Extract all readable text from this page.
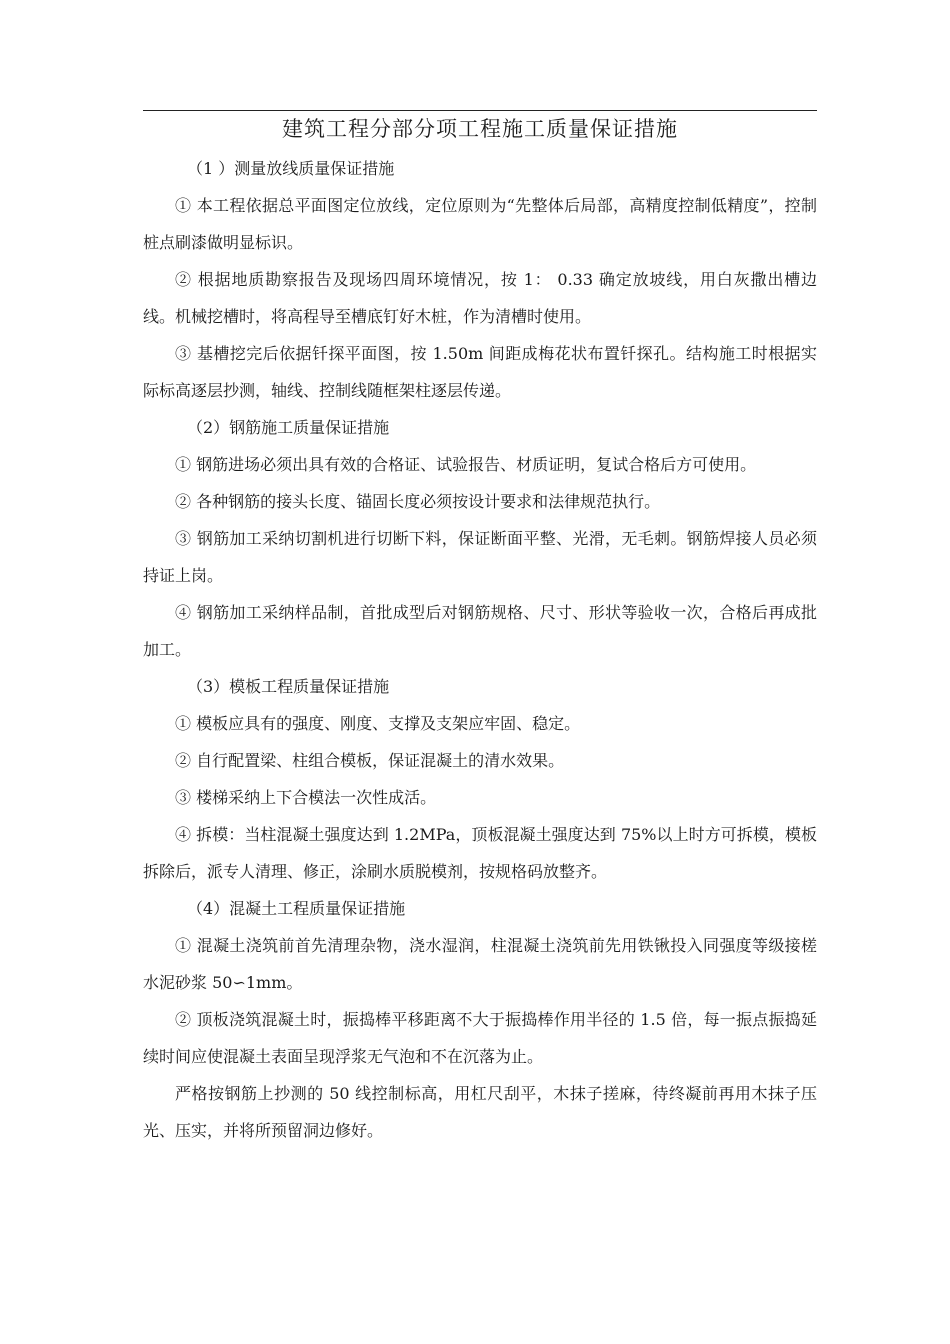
建筑工程分部分项工程施工质量保证措施

（1 ）测量放线质量保证措施

① 本工程依据总平面图定位放线，定位原则为“先整体后局部，高精度控制低精度”，控制桩点刷漆做明显标识。

② 根据地质勘察报告及现场四周环境情况，按 1： 0.33 确定放坡线，用白灰撒出槽边线。机械挖槽时，将高程导至槽底钉好木桩，作为清槽时使用。

③ 基槽挖完后依据钎探平面图，按 1.50m 间距成梅花状布置钎探孔。结构施工时根据实际标高逐层抄测，轴线、控制线随框架柱逐层传递。

（2）钢筋施工质量保证措施

① 钢筋进场必须出具有效的合格证、试验报告、材质证明，复试合格后方可使用。

② 各种钢筋的接头长度、锚固长度必须按设计要求和法律规范执行。

③ 钢筋加工采纳切割机进行切断下料，保证断面平整、光滑，无毛刺。钢筋焊接人员必须持证上岗。

④ 钢筋加工采纳样品制，首批成型后对钢筋规格、尺寸、形状等验收一次，合格后再成批加工。

（3）模板工程质量保证措施

① 模板应具有的强度、刚度、支撑及支架应牢固、稳定。

② 自行配置梁、柱组合模板，保证混凝土的清水效果。

③ 楼梯采纳上下合模法一次性成活。

④ 拆模：当柱混凝土强度达到 1.2MPa，顶板混凝土强度达到 75%以上时方可拆模，模板拆除后，派专人清理、修正，涂刷水质脱模剂，按规格码放整齐。

（4）混凝土工程质量保证措施

① 混凝土浇筑前首先清理杂物，浇水湿润，柱混凝土浇筑前先用铁锹投入同强度等级接槎水泥砂浆 50∽1mm。

② 顶板浇筑混凝土时，振捣棒平移距离不大于振捣棒作用半径的 1.5 倍，每一振点振捣延续时间应使混凝土表面呈现浮浆无气泡和不在沉落为止。

严格按钢筋上抄测的 50 线控制标高，用杠尺刮平，木抹子搓麻，待终凝前再用木抹子压光、压实，并将所预留洞边修好。
